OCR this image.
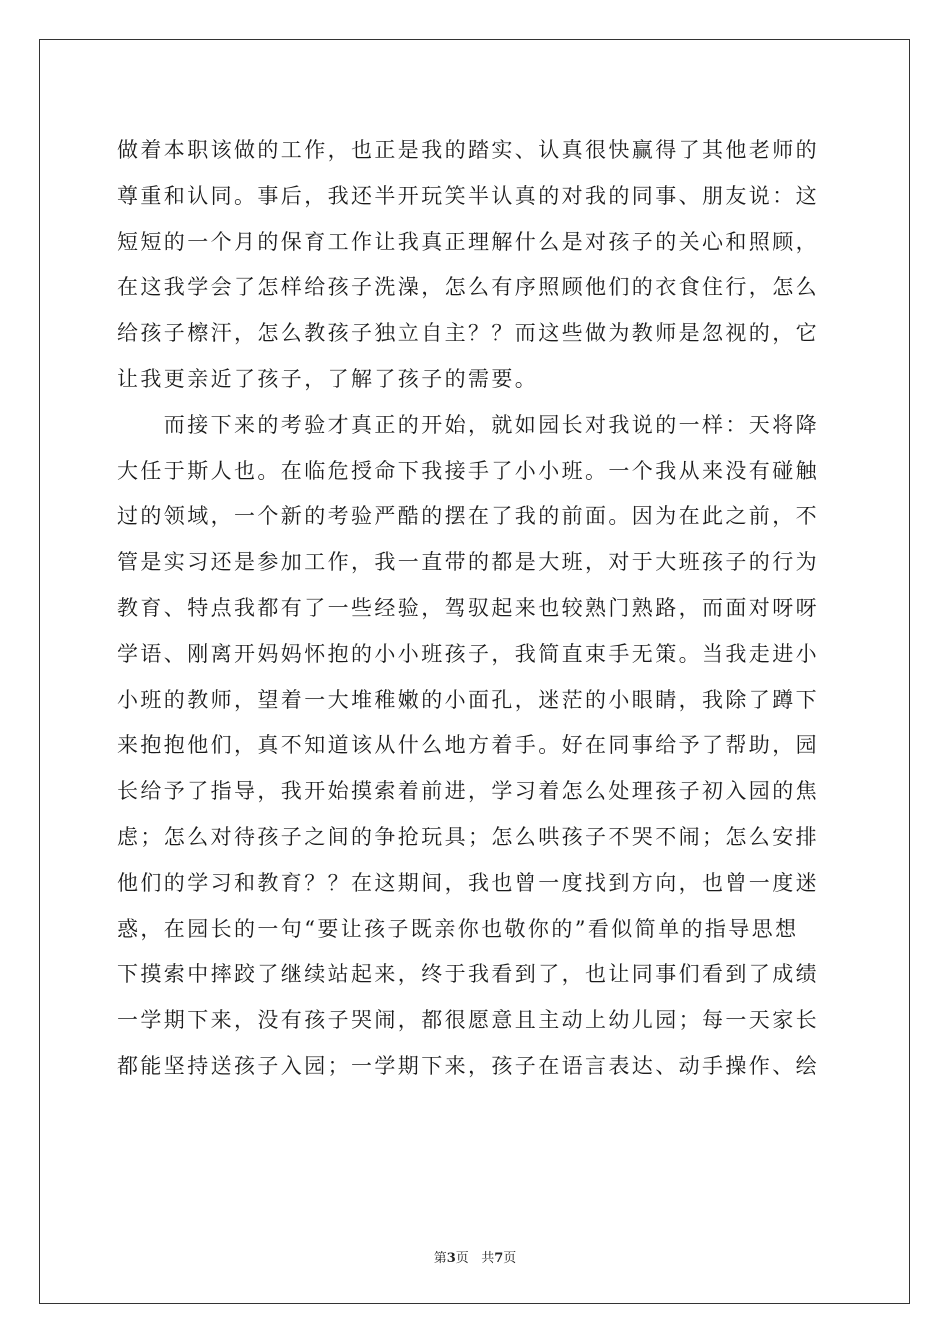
做着本职该做的工作，也正是我的踏实、认真很快赢得了其他老师的
尊重和认同。事后，我还半开玩笑半认真的对我的同事、朋友说：这
短短的一个月的保育工作让我真正理解什么是对孩子的关心和照顾，
在这我学会了怎样给孩子洗澡，怎么有序照顾他们的衣食住行，怎么
给孩子檫汗，怎么教孩子独立自主？？而这些做为教师是忽视的，它
让我更亲近了孩子，了解了孩子的需要。
　　而接下来的考验才真正的开始，就如园长对我说的一样：天将降
大任于斯人也。在临危授命下我接手了小小班。一个我从来没有碰触
过的领域，一个新的考验严酷的摆在了我的前面。因为在此之前，不
管是实习还是参加工作，我一直带的都是大班，对于大班孩子的行为
教育、特点我都有了一些经验，驾驭起来也较熟门熟路，而面对呀呀
学语、刚离开妈妈怀抱的小小班孩子，我简直束手无策。当我走进小
小班的教师，望着一大堆稚嫩的小面孔，迷茫的小眼睛，我除了蹲下
来抱抱他们，真不知道该从什么地方着手。好在同事给予了帮助，园
长给予了指导，我开始摸索着前进，学习着怎么处理孩子初入园的焦
虑；怎么对待孩子之间的争抢玩具；怎么哄孩子不哭不闹；怎么安排
他们的学习和教育？？在这期间，我也曾一度找到方向，也曾一度迷
惑，在园长的一句“要让孩子既亲你也敬你的”看似简单的指导思想
下摸索中摔跤了继续站起来，终于我看到了，也让同事们看到了成绩
一学期下来，没有孩子哭闹，都很愿意且主动上幼儿园；每一天家长
都能坚持送孩子入园；一学期下来，孩子在语言表达、动手操作、绘
第3页   共7页
